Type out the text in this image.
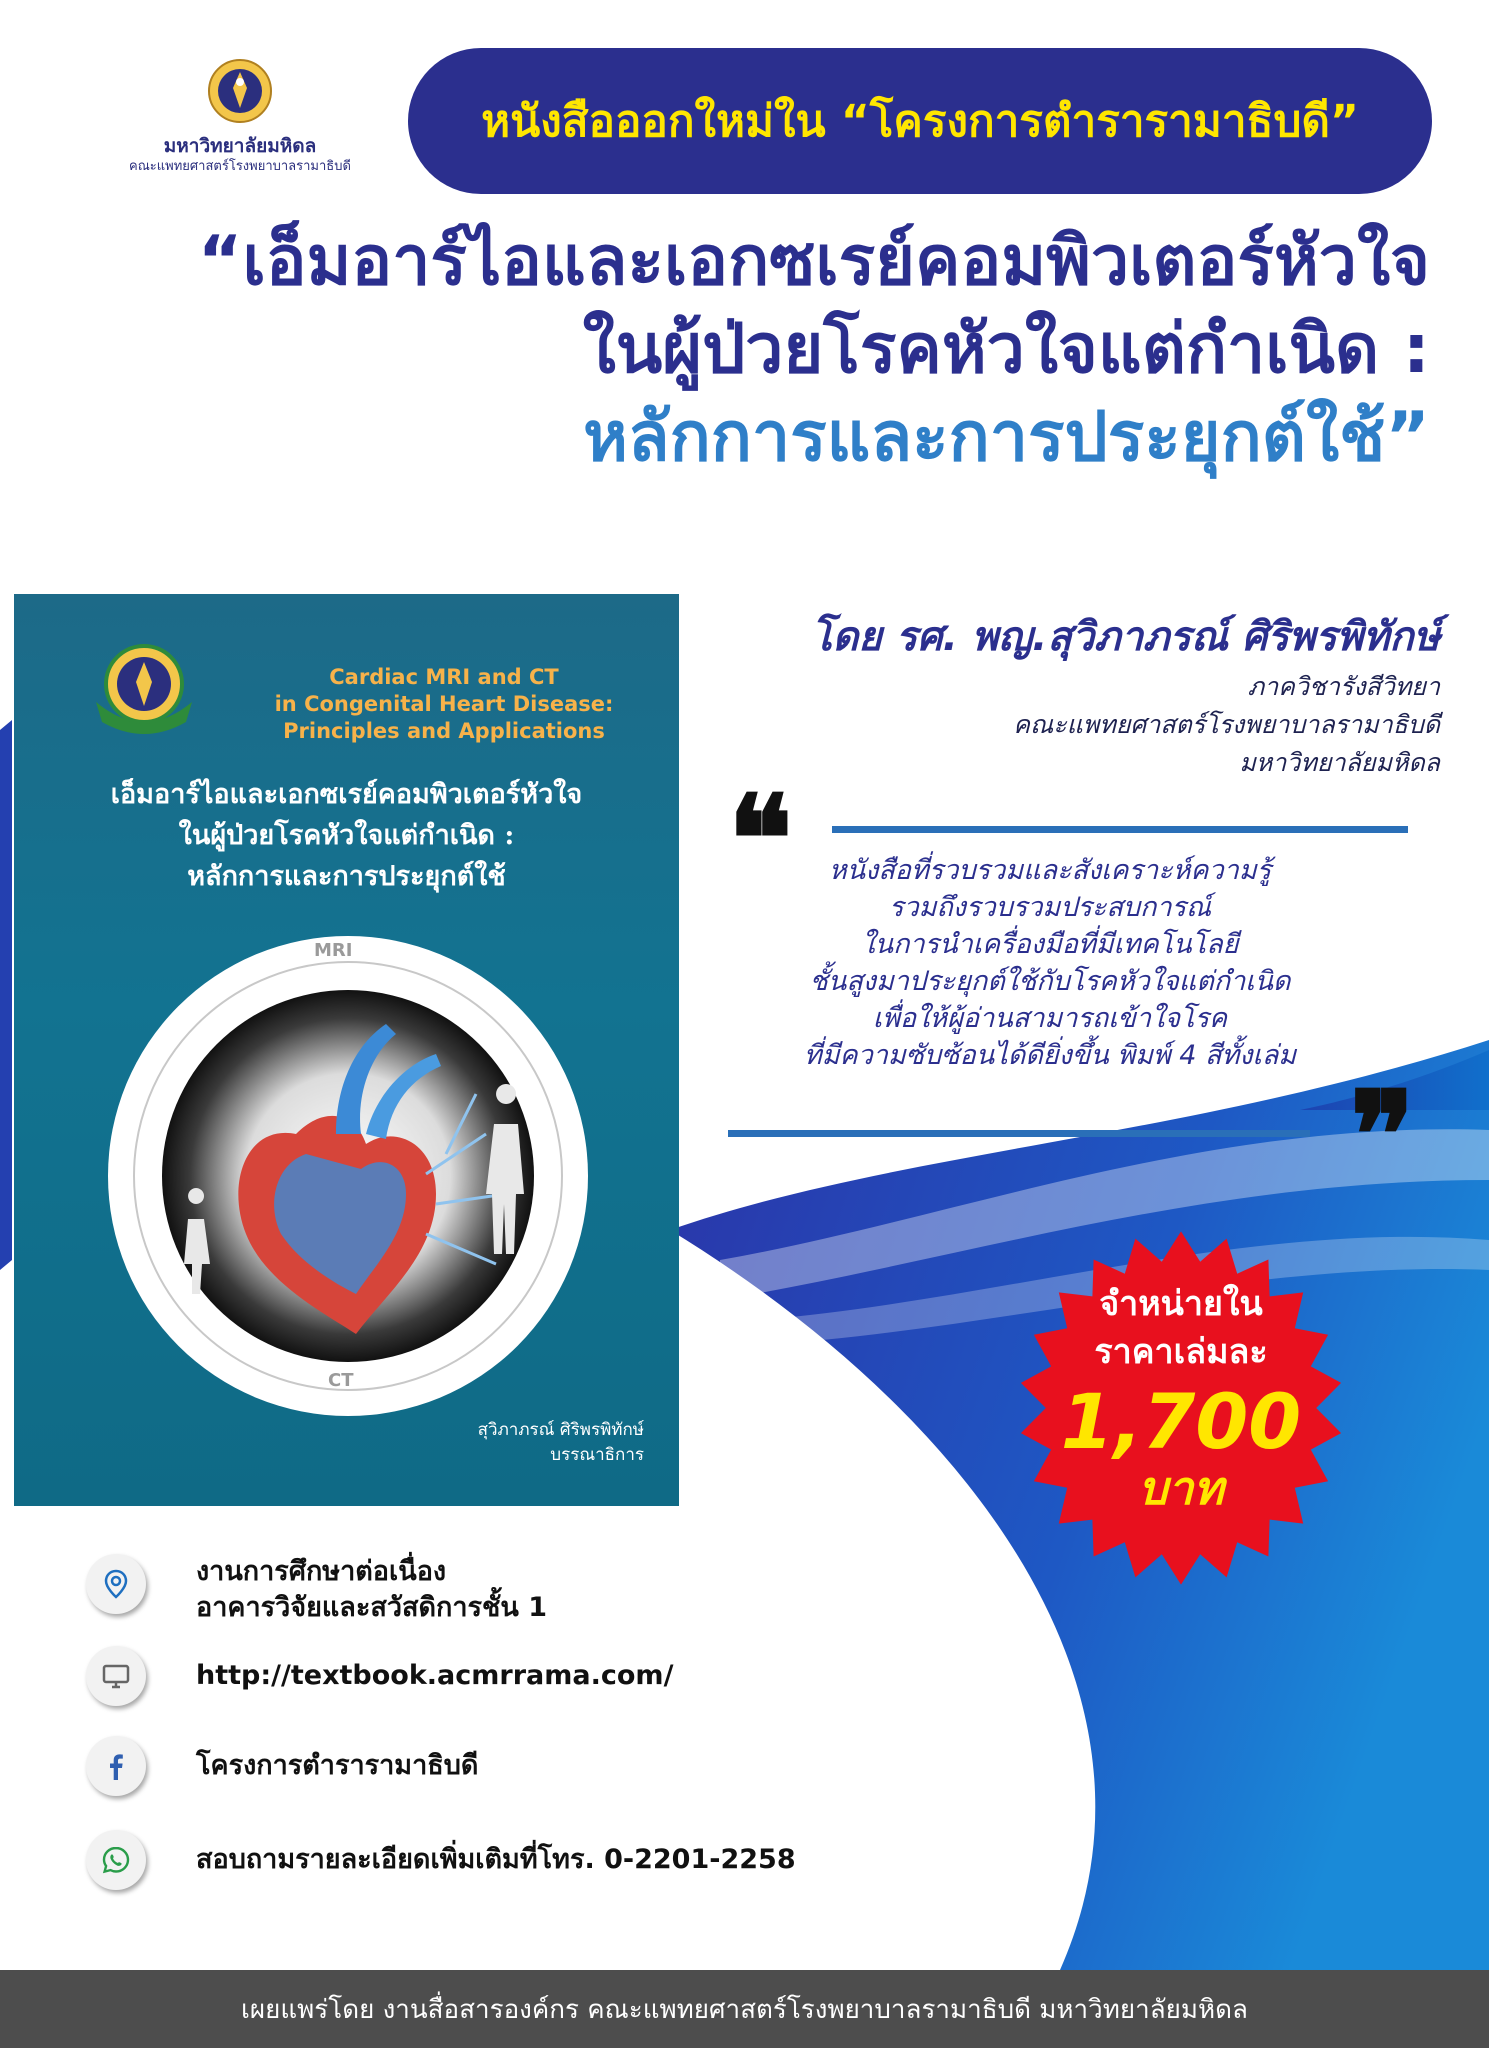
มหาวิทยาลัยมหิดล
คณะแพทยศาสตร์โรงพยาบาลรามาธิบดี
หนังสือออกใหม่ใน “โครงการตำรารามาธิบดี”
“เอ็มอาร์ไอและเอกซเรย์คอมพิวเตอร์หัวใจ
ในผู้ป่วยโรคหัวใจแต่กำเนิด :
หลักการและการประยุกต์ใช้”
Cardiac MRI and CT
in Congenital Heart Disease:
Principles and Applications
เอ็มอาร์ไอและเอกซเรย์คอมพิวเตอร์หัวใจ
ในผู้ป่วยโรคหัวใจแต่กำเนิด :
หลักการและการประยุกต์ใช้
MRI
CT
สุวิภาภรณ์ ศิริพรพิทักษ์
บรรณาธิการ
โดย รศ. พญ.สุวิภาภรณ์ ศิริพรพิทักษ์
ภาควิชารังสีวิทยา
คณะแพทยศาสตร์โรงพยาบาลรามาธิบดี
มหาวิทยาลัยมหิดล
❝	หนังสือที่รวบรวมและสังเคราะห์ความรู้
รวมถึงรวบรวมประสบการณ์
ในการนำเครื่องมือที่มีเทคโนโลยี
ชั้นสูงมาประยุกต์ใช้กับโรคหัวใจแต่กำเนิด
เพื่อให้ผู้อ่านสามารถเข้าใจโรค
ที่มีความซับซ้อนได้ดียิ่งขึ้น พิมพ์ 4 สีทั้งเล่ม
❞
จำหน่ายใน
ราคาเล่มละ
1,700
บาท
งานการศึกษาต่อเนื่อง
อาคารวิจัยและสวัสดิการชั้น 1
http://textbook.acmrrama.com/
โครงการตำรารามาธิบดี
สอบถามรายละเอียดเพิ่มเติมที่โทร. 0-2201-2258
เผยแพร่โดย งานสื่อสารองค์กร คณะแพทยศาสตร์โรงพยาบาลรามาธิบดี มหาวิทยาลัยมหิดล
